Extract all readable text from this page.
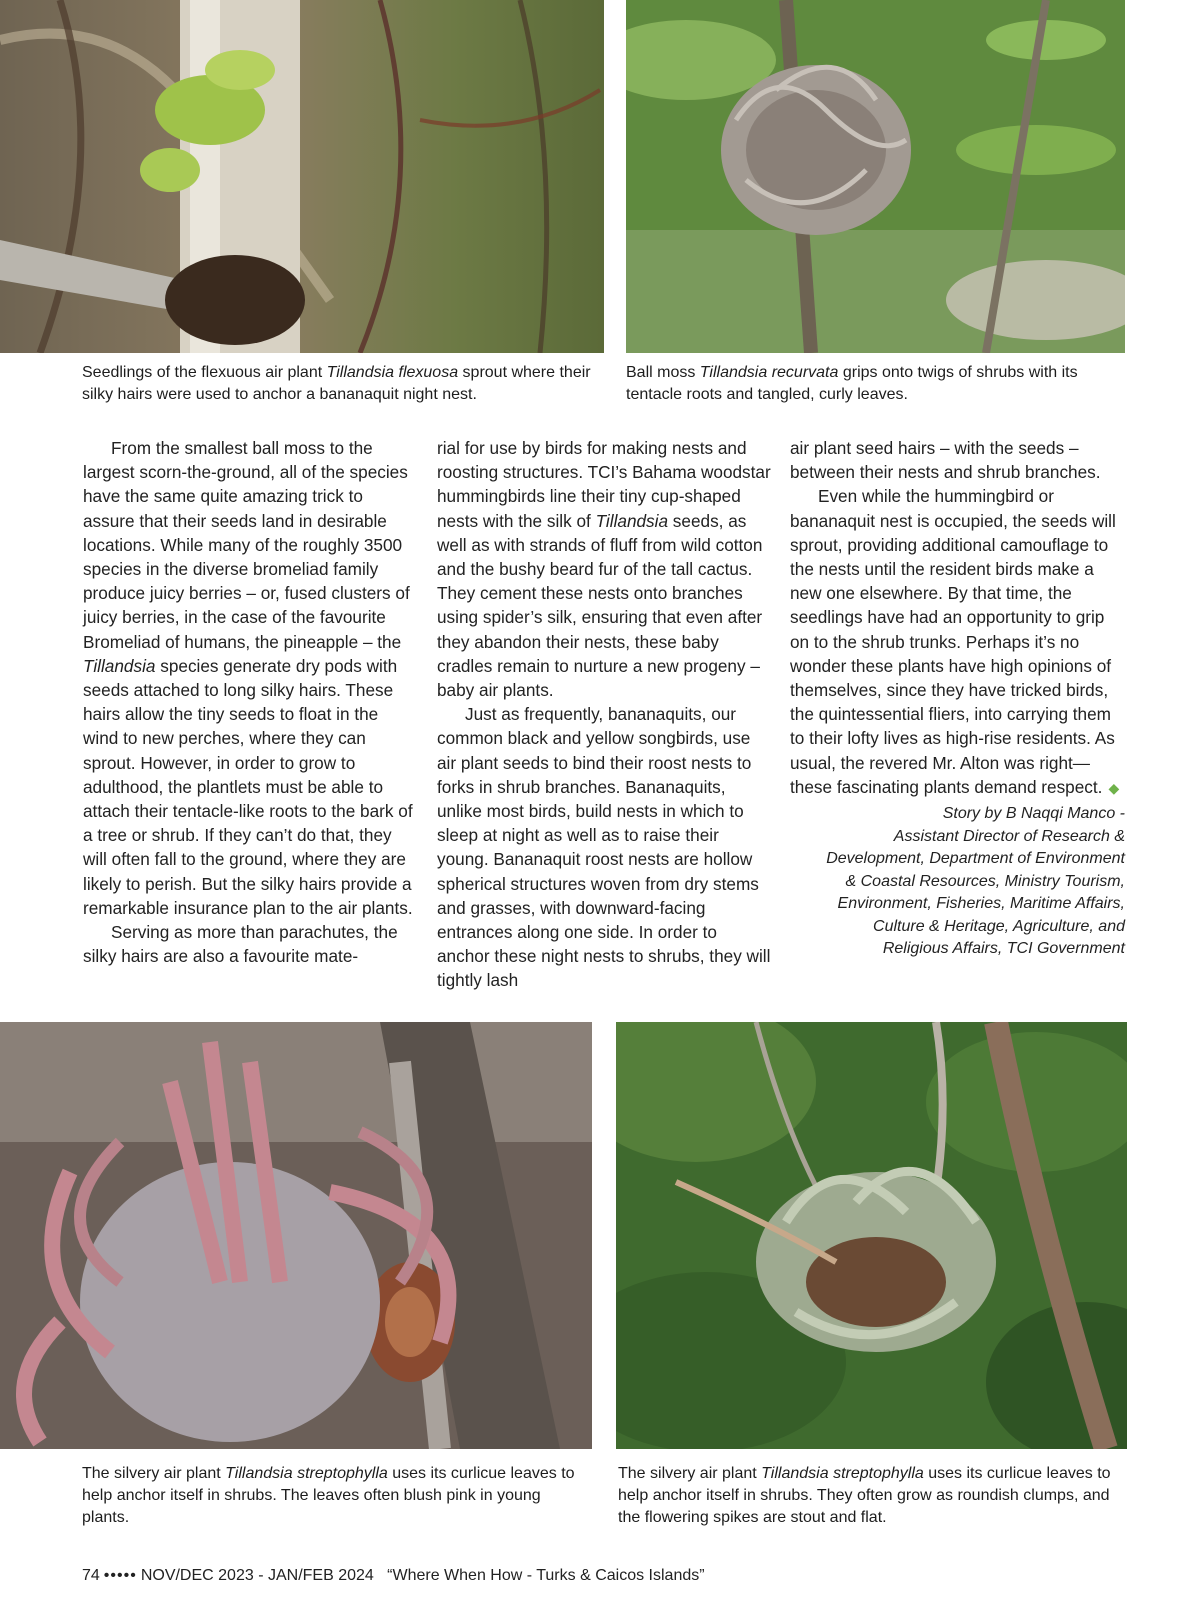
Seedlings of the flexuous air plant Tillandsia flexuosa sprout where their silky hairs were used to anchor a bananaquit night nest.
Ball moss Tillandsia recurvata grips onto twigs of shrubs with its tentacle roots and tangled, curly leaves.

From the smallest ball moss to the largest scorn-the-ground, all of the species have the same quite amazing trick to assure that their seeds land in desirable locations. While many of the roughly 3500 species in the diverse bromeliad family produce juicy berries – or, fused clusters of juicy berries, in the case of the favourite Bromeliad of humans, the pineapple – the Tillandsia species generate dry pods with seeds attached to long silky hairs. These hairs allow the tiny seeds to float in the wind to new perches, where they can sprout. However, in order to grow to adulthood, the plantlets must be able to attach their tentacle-like roots to the bark of a tree or shrub. If they can’t do that, they will often fall to the ground, where they are likely to perish. But the silky hairs provide a remarkable insurance plan to the air plants.

Serving as more than parachutes, the silky hairs are also a favourite mate-

rial for use by birds for making nests and roosting structures. TCI’s Bahama woodstar hummingbirds line their tiny cup-shaped nests with the silk of Tillandsia seeds, as well as with strands of fluff from wild cotton and the bushy beard fur of the tall cactus. They cement these nests onto branches using spider’s silk, ensuring that even after they abandon their nests, these baby cradles remain to nurture a new progeny – baby air plants.

Just as frequently, bananaquits, our common black and yellow songbirds, use air plant seeds to bind their roost nests to forks in shrub branches. Bananaquits, unlike most birds, build nests in which to sleep at night as well as to raise their young. Bananaquit roost nests are hollow spherical structures woven from dry stems and grasses, with downward-facing entrances along one side. In order to anchor these night nests to shrubs, they will tightly lash

air plant seed hairs – with the seeds – between their nests and shrub branches.

Even while the hummingbird or bananaquit nest is occupied, the seeds will sprout, providing additional camouflage to the nests until the resident birds make a new one elsewhere. By that time, the seedlings have had an opportunity to grip on to the shrub trunks. Perhaps it’s no wonder these plants have high opinions of themselves, since they have tricked birds, the quintessential fliers, into carrying them to their lofty lives as high-rise residents. As usual, the revered Mr. Alton was right—these fascinating plants demand respect. ◆

Story by B Naqqi Manco -
Assistant Director of Research &
Development, Department of Environment
& Coastal Resources, Ministry Tourism,
Environment, Fisheries, Maritime Affairs,
Culture & Heritage, Agriculture, and
Religious Affairs, TCI Government
The silvery air plant Tillandsia streptophylla uses its curlicue leaves to help anchor itself in shrubs. The leaves often blush pink in young plants.
The silvery air plant Tillandsia streptophylla uses its curlicue leaves to help anchor itself in shrubs. They often grow as roundish clumps, and the flowering spikes are stout and flat.
74 ••••• NOV/DEC 2023 - JAN/FEB 2024 “Where When How - Turks & Caicos Islands”
